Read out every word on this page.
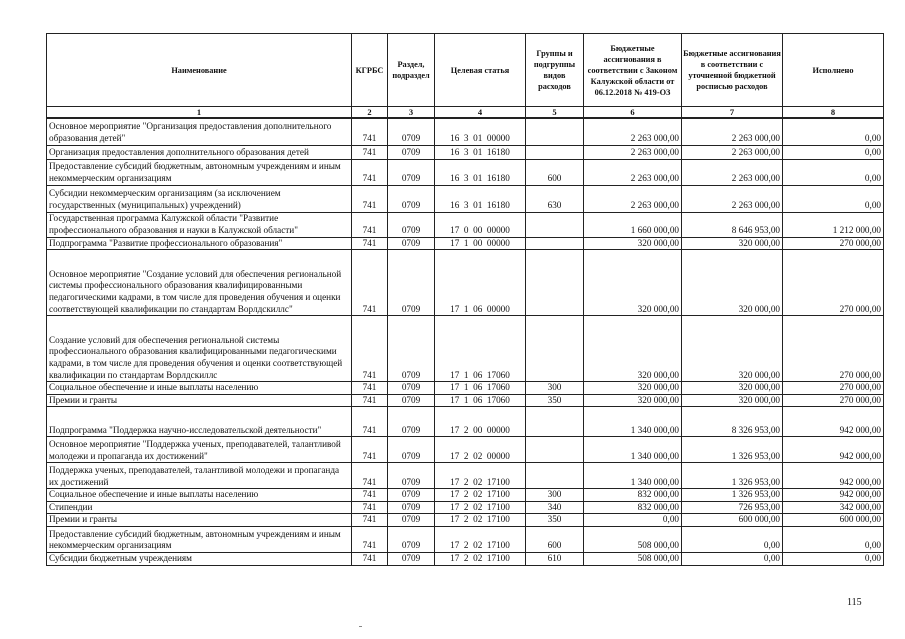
Наименование	КГРБС	Раздел, подраздел	Целевая статья	Группы и подгруппы видов расходов	Бюджетные ассигнования в соответствии с Законом Калужской области от 06.12.2018 № 419-ОЗ	Бюджетные ассигнования в соответствии с уточненной бюджетной росписью расходов	Исполнено
1	2	3	4	5	6	7	8
Основное мероприятие "Организация предоставления дополнительного образования детей"	741	0709	16  3  01  00000		2 263 000,00	2 263 000,00	0,00
Организация предоставления дополнительного образования детей	741	0709	16  3  01  16180		2 263 000,00	2 263 000,00	0,00
Предоставление субсидий бюджетным, автономным учреждениям и иным некоммерческим организациям	741	0709	16  3  01  16180	600	2 263 000,00	2 263 000,00	0,00
Субсидии некоммерческим организациям (за исключением государственных (муниципальных) учреждений)	741	0709	16  3  01  16180	630	2 263 000,00	2 263 000,00	0,00
Государственная программа Калужской области "Развитие профессионального образования и науки в Калужской области"	741	0709	17  0  00  00000		1 660 000,00	8 646 953,00	1 212 000,00
Подпрограмма "Развитие профессионального образования"	741	0709	17  1  00  00000		320 000,00	320 000,00	270 000,00
Основное мероприятие "Создание условий для обеспечения региональной системы профессионального образования квалифицированными педагогическими кадрами, в том числе для проведения обучения и оценки соответствующей квалификации по стандартам Ворлдскиллс"	741	0709	17  1  06  00000		320 000,00	320 000,00	270 000,00
Создание условий для обеспечения региональной системы профессионального образования квалифицированными педагогическими кадрами, в том числе для проведения обучения и оценки соответствующей квалификации по стандартам Ворлдскиллс	741	0709	17  1  06  17060		320 000,00	320 000,00	270 000,00
Социальное обеспечение и иные выплаты населению	741	0709	17  1  06  17060	300	320 000,00	320 000,00	270 000,00
Премии и гранты	741	0709	17  1  06  17060	350	320 000,00	320 000,00	270 000,00
Подпрограмма "Поддержка научно-исследовательской деятельности"	741	0709	17  2  00  00000		1 340 000,00	8 326 953,00	942 000,00
Основное мероприятие "Поддержка ученых, преподавателей, талантливой молодежи и пропаганда их достижений"	741	0709	17  2  02  00000		1 340 000,00	1 326 953,00	942 000,00
Поддержка ученых, преподавателей, талантливой молодежи и пропаганда их достижений	741	0709	17  2  02  17100		1 340 000,00	1 326 953,00	942 000,00
Социальное обеспечение и иные выплаты населению	741	0709	17  2  02  17100	300	832 000,00	1 326 953,00	942 000,00
Стипендии	741	0709	17  2  02  17100	340	832 000,00	726 953,00	342 000,00
Премии и гранты	741	0709	17  2  02  17100	350	0,00	600 000,00	600 000,00
Предоставление субсидий бюджетным, автономным учреждениям и иным некоммерческим организациям	741	0709	17  2  02  17100	600	508 000,00	0,00	0,00
Субсидии бюджетным учреждениям	741	0709	17  2  02  17100	610	508 000,00	0,00	0,00
115
